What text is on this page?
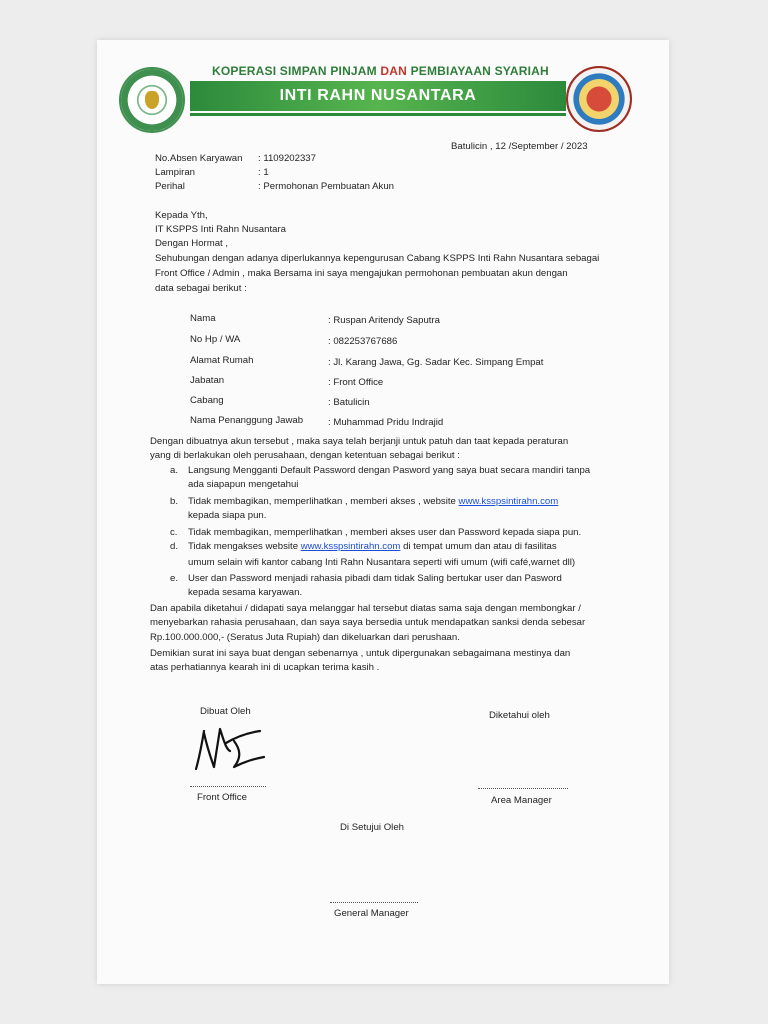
KOPERASI SIMPAN PINJAM DAN PEMBIAYAAN SYARIAH
INTI RAHN NUSANTARA
Batulicin , 12 /September / 2023
No.Absen Karyawan : 1109202337
Lampiran	: 1
Perihal	: Permohonan Pembuatan Akun
Kepada Yth,
IT KSPPS Inti Rahn Nusantara
Dengan Hormat ,
Sehubungan dengan adanya diperlukannya kepengurusan Cabang KSPPS Inti Rahn Nusantara sebagai
Front Office / Admin , maka Bersama ini saya mengajukan permohonan pembuatan akun dengan
data sebagai berikut :
Nama	: Ruspan Aritendy Saputra
No Hp / WA	: 082253767686
Alamat Rumah	: Jl. Karang Jawa, Gg. Sadar Kec. Simpang Empat
Jabatan	: Front Office
Cabang	: Batulicin
Nama Penanggung Jawab	: Muhammad Pridu Indrajid
Dengan dibuatnya akun tersebut , maka saya telah berjanji untuk patuh dan taat kepada peraturan
yang di berlakukan oleh perusahaan, dengan ketentuan sebagai berikut :
a. Langsung Mengganti Default Password dengan Pasword yang saya buat secara mandiri tanpa
ada siapapun mengetahui
b. Tidak membagikan, memperlihatkan , memberi akses , website www.ksspsintirahn.com
kepada siapa pun.
c. Tidak membagikan, memperlihatkan , memberi akses user dan Password kepada siapa pun.
d. Tidak mengakses website www.ksspsintirahn.com di tempat umum dan atau di fasilitas
umum selain wifi kantor cabang Inti Rahn Nusantara seperti wifi umum (wifi café,warnet dll)
e. User dan Password menjadi rahasia pibadi dam tidak Saling bertukar user dan Pasword
kepada sesama karyawan.
Dan apabila diketahui / didapati saya melanggar hal tersebut diatas sama saja dengan membongkar /
menyebarkan rahasia perusahaan, dan saya saya bersedia untuk mendapatkan sanksi denda sebesar
Rp.100.000.000,- (Seratus Juta Rupiah) dan dikeluarkan dari perushaan.
Demikian surat ini saya buat dengan sebenarnya , untuk dipergunakan sebagaimana mestinya dan
atas perhatiannya kearah ini di ucapkan terima kasih .
Dibuat Oleh
Front Office
Diketahui oleh
Area Manager
Di Setujui Oleh
General Manager
